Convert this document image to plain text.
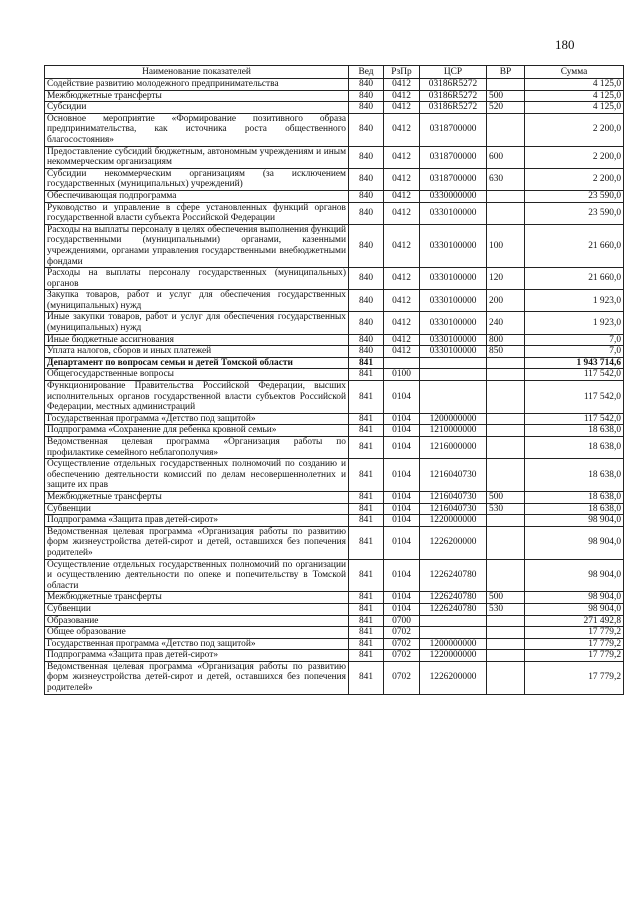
180
Наименование показателей	Вед	РзПр	ЦСР	ВР	Сумма
Содействие развитию молодежного предпринимательства	840	0412	03186R5272		4 125,0
Межбюджетные трансферты	840	0412	03186R5272	500	4 125,0
Субсидии	840	0412	03186R5272	520	4 125,0
Основное мероприятие «Формирование позитивного образа предпринимательства, как источника роста общественного благосостояния»	840	0412	0318700000		2 200,0
Предоставление субсидий бюджетным, автономным учреждениям и иным некоммерческим организациям	840	0412	0318700000	600	2 200,0
Субсидии некоммерческим организациям (за исключением государственных (муниципальных) учреждений)	840	0412	0318700000	630	2 200,0
Обеспечивающая подпрограмма	840	0412	0330000000		23 590,0
Руководство и управление в сфере установленных функций органов государственной власти субъекта Российской Федерации	840	0412	0330100000		23 590,0
Расходы на выплаты персоналу в целях обеспечения выполнения функций государственными (муниципальными) органами, казенными учреждениями, органами управления государственными внебюджетными фондами	840	0412	0330100000	100	21 660,0
Расходы на выплаты персоналу государственных (муниципальных) органов	840	0412	0330100000	120	21 660,0
Закупка товаров, работ и услуг для обеспечения государственных (муниципальных) нужд	840	0412	0330100000	200	1 923,0
Иные закупки товаров, работ и услуг для обеспечения государственных (муниципальных) нужд	840	0412	0330100000	240	1 923,0
Иные бюджетные ассигнования	840	0412	0330100000	800	7,0
Уплата налогов, сборов и иных платежей	840	0412	0330100000	850	7,0
Департамент по вопросам семьи и детей Томской области	841				1 943 714,6
Общегосударственные вопросы	841	0100			117 542,0
Функционирование Правительства Российской Федерации, высших исполнительных органов государственной власти субъектов Российской Федерации, местных администраций	841	0104			117 542,0
Государственная программа «Детство под защитой»	841	0104	1200000000		117 542,0
Подпрограмма «Сохранение для ребенка кровной семьи»	841	0104	1210000000		18 638,0
Ведомственная целевая программа «Организация работы по профилактике семейного неблагополучия»	841	0104	1216000000		18 638,0
Осуществление отдельных государственных полномочий по созданию и обеспечению деятельности комиссий по делам несовершеннолетних и защите их прав	841	0104	1216040730		18 638,0
Межбюджетные трансферты	841	0104	1216040730	500	18 638,0
Субвенции	841	0104	1216040730	530	18 638,0
Подпрограмма «Защита прав детей-сирот»	841	0104	1220000000		98 904,0
Ведомственная целевая программа «Организация работы по развитию форм жизнеустройства детей-сирот и детей, оставшихся без попечения родителей»	841	0104	1226200000		98 904,0
Осуществление отдельных государственных полномочий по организации и осуществлению деятельности по опеке и попечительству в Томской области	841	0104	1226240780		98 904,0
Межбюджетные трансферты	841	0104	1226240780	500	98 904,0
Субвенции	841	0104	1226240780	530	98 904,0
Образование	841	0700			271 492,8
Общее образование	841	0702			17 779,2
Государственная программа «Детство под защитой»	841	0702	1200000000		17 779,2
Подпрограмма «Защита прав детей-сирот»	841	0702	1220000000		17 779,2
Ведомственная целевая программа «Организация работы по развитию форм жизнеустройства детей-сирот и детей, оставшихся без попечения родителей»	841	0702	1226200000		17 779,2
